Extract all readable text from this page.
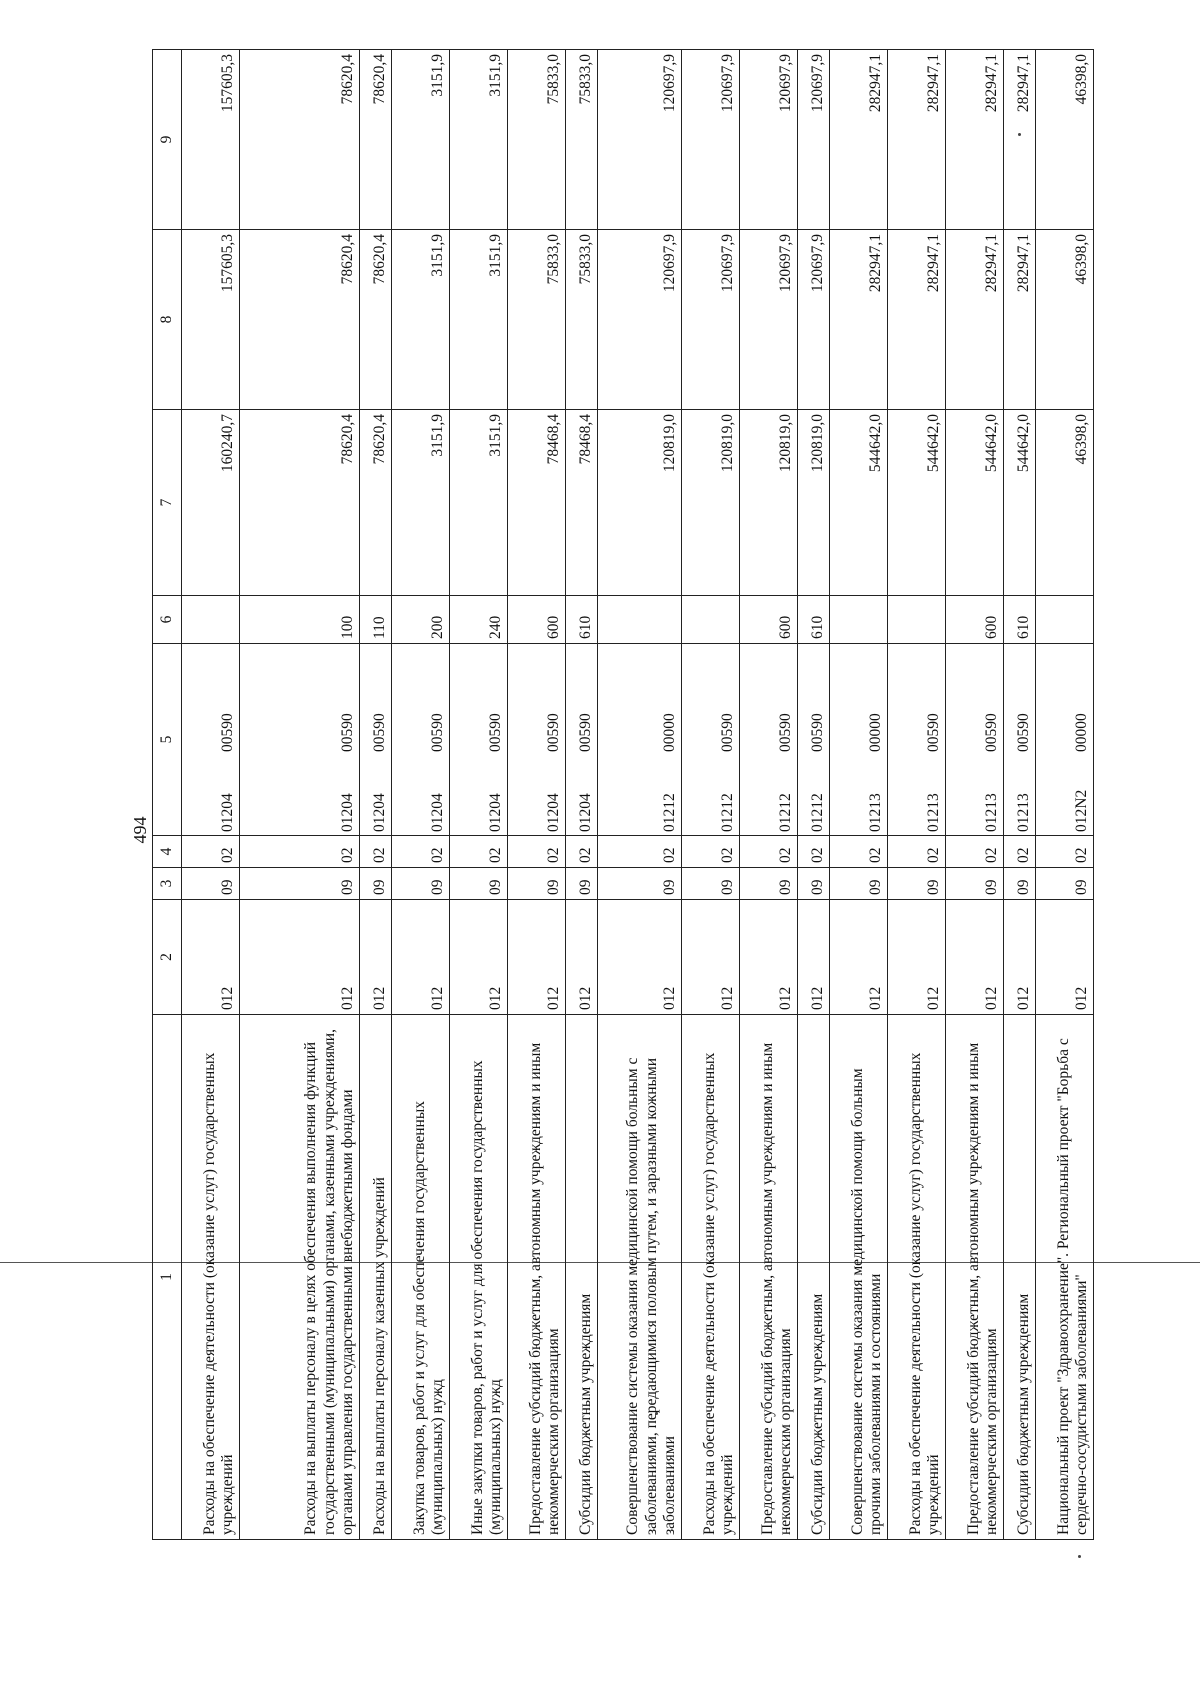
494
1	2	3	4	5	6	7	8	9
Расходы на обеспечение деятельности (оказание услуг) государственных учреждений	012	09	02	0120400590		160240,7	157605,3	157605,3
Расходы на выплаты персоналу в целях обеспечения выполнения функций государственными (муниципальными) органами, казенными учреждениями, органами управления государственными внебюджетными фондами	012	09	02	0120400590	100	78620,4	78620,4	78620,4
Расходы на выплаты персоналу казенных учреждений	012	09	02	0120400590	110	78620,4	78620,4	78620,4
Закупка товаров, работ и услуг для обеспечения государственных (муниципальных) нужд	012	09	02	0120400590	200	3151,9	3151,9	3151,9
Иные закупки товаров, работ и услуг для обеспечения государственных (муниципальных) нужд	012	09	02	0120400590	240	3151,9	3151,9	3151,9
Предоставление субсидий бюджетным, автономным учреждениям и иным некоммерческим организациям	012	09	02	0120400590	600	78468,4	75833,0	75833,0
Субсидии бюджетным учреждениям	012	09	02	0120400590	610	78468,4	75833,0	75833,0
Совершенствование системы оказания медицинской помощи больным с заболеваниями, передающимися половым путем, и заразными кожными заболеваниями	012	09	02	0121200000		120819,0	120697,9	120697,9
Расходы на обеспечение деятельности (оказание услуг) государственных учреждений	012	09	02	0121200590		120819,0	120697,9	120697,9
Предоставление субсидий бюджетным, автономным учреждениям и иным некоммерческим организациям	012	09	02	0121200590	600	120819,0	120697,9	120697,9
Субсидии бюджетным учреждениям	012	09	02	0121200590	610	120819,0	120697,9	120697,9
Совершенствование системы оказания медицинской помощи больным прочими заболеваниями и состояниями	012	09	02	0121300000		544642,0	282947,1	282947,1
Расходы на обеспечение деятельности (оказание услуг) государственных учреждений	012	09	02	0121300590		544642,0	282947,1	282947,1
Предоставление субсидий бюджетным, автономным учреждениям и иным некоммерческим организациям	012	09	02	0121300590	600	544642,0	282947,1	282947,1
Субсидии бюджетным учреждениям	012	09	02	0121300590	610	544642,0	282947,1	282947,1
Национальный проект "Здравоохранение". Региональный проект "Борьба с сердечно-сосудистыми заболеваниями"	012	09	02	012N200000		46398,0	46398,0	46398,0
